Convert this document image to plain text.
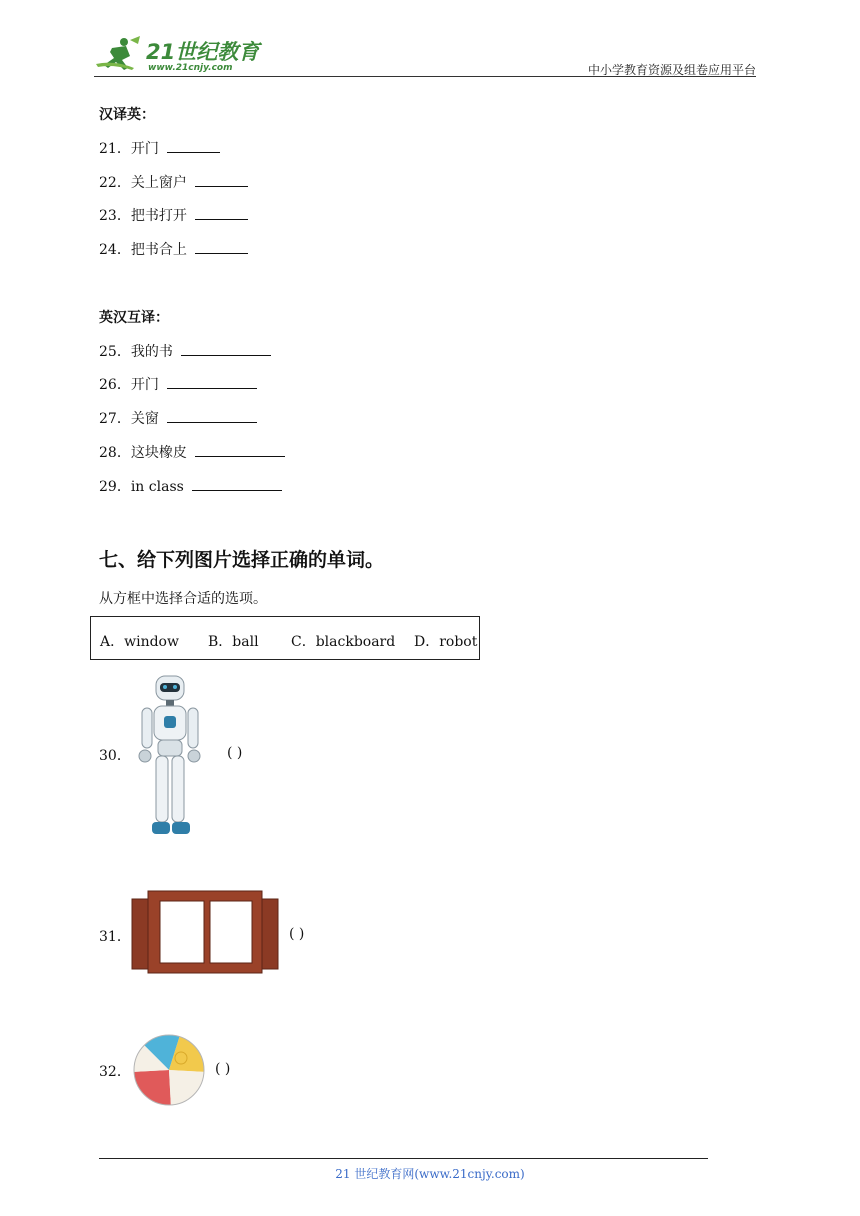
21世纪教育
www.21cnjy.com	中小学教育资源及组卷应用平台
汉译英：
21．开门
22．关上窗户
23．把书打开
24．把书合上
英汉互译：
25．我的书
26．开门
27．关窗
28．这块橡皮
29．in class
七、给下列图片选择正确的单词。
从方框中选择合适的选项。
A．window B．ball C．blackboard D．robot
30．	( )
31．	( )
32．	( )
21 世纪教育网(www.21cnjy.com)
